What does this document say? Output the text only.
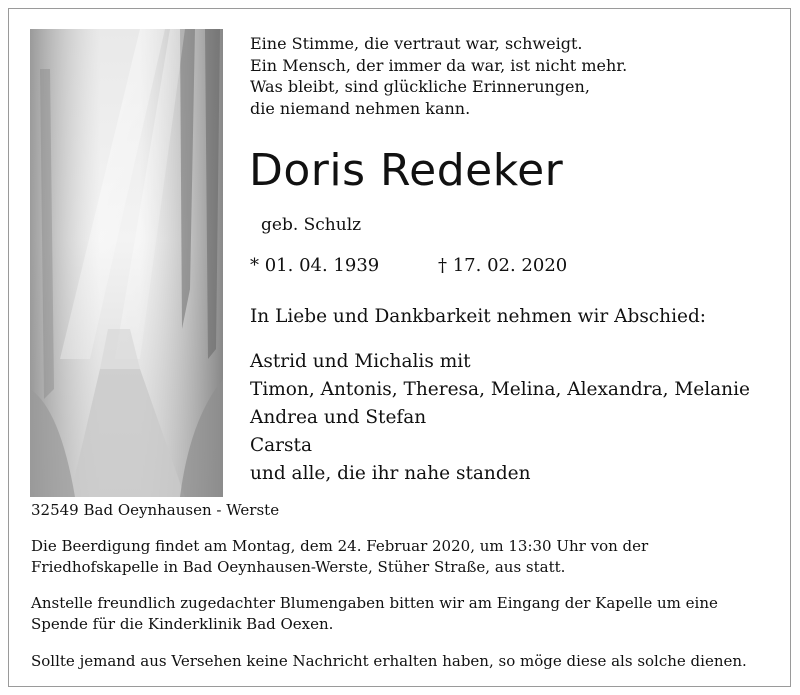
Eine Stimme, die vertraut war, schweigt.
Ein Mensch, der immer da war, ist nicht mehr.
Was bleibt, sind glückliche Erinnerungen,
die niemand nehmen kann.
Doris Redeker
geb. Schulz
* 01. 04. 1939	† 17. 02. 2020
In Liebe und Dankbarkeit nehmen wir Abschied:
Astrid und Michalis mit
Timon, Antonis, Theresa, Melina, Alexandra, Melanie
Andrea und Stefan
Carsta
und alle, die ihr nahe standen
32549 Bad Oeynhausen - Werste
Die Beerdigung findet am Montag, dem 24. Februar 2020, um 13:30 Uhr von der
Friedhofskapelle in Bad Oeynhausen-Werste, Stüher Straße, aus statt.
Anstelle freundlich zugedachter Blumengaben bitten wir am Eingang der Kapelle um eine
Spende für die Kinderklinik Bad Oexen.
Sollte jemand aus Versehen keine Nachricht erhalten haben, so möge diese als solche dienen.
